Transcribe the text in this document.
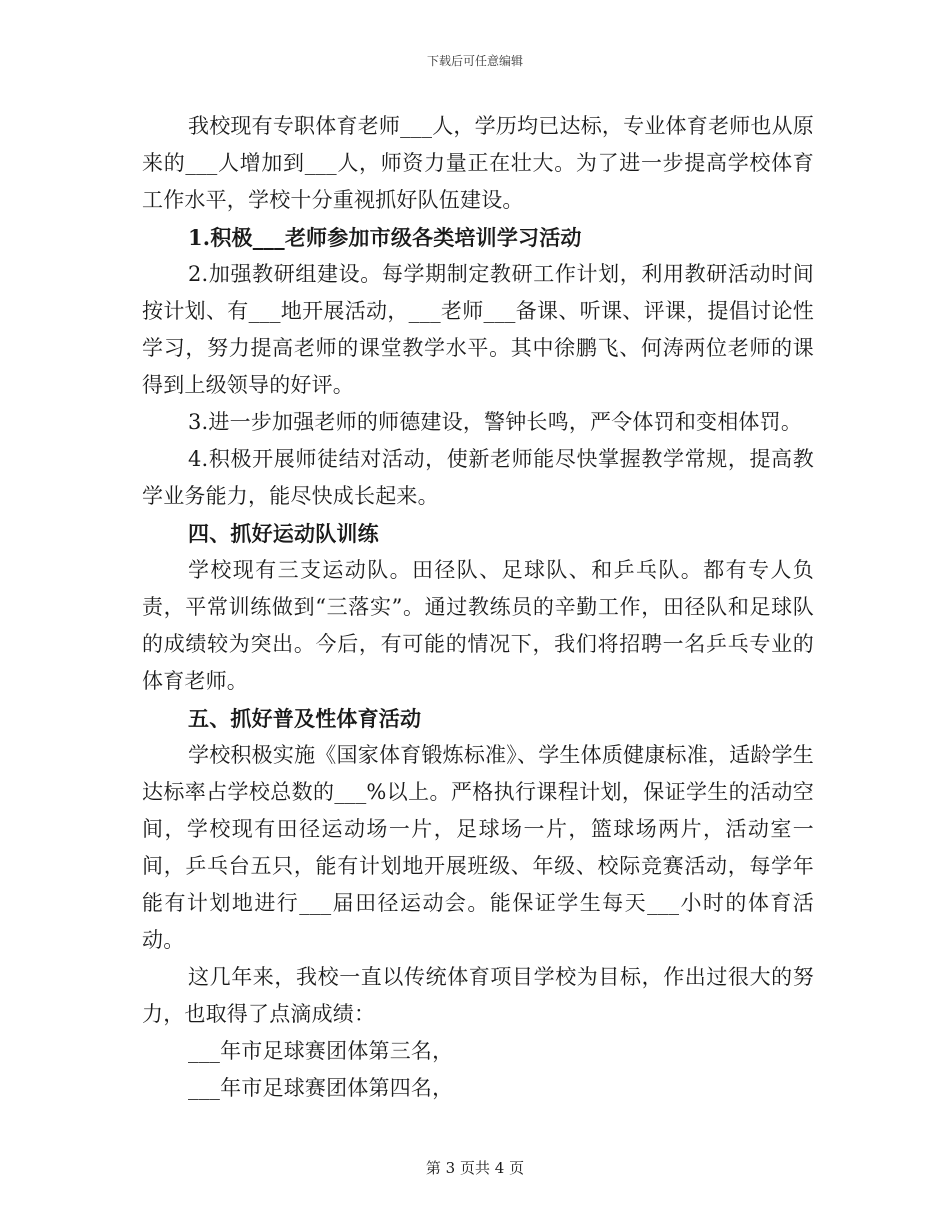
下载后可任意编辑

我校现有专职体育老师___人，学历均已达标，专业体育老师也从原来的___人增加到___人，师资力量正在壮大。为了进一步提高学校体育工作水平，学校十分重视抓好队伍建设。

1.积极___老师参加市级各类培训学习活动

2.加强教研组建设。每学期制定教研工作计划，利用教研活动时间按计划、有___地开展活动，___老师___备课、听课、评课，提倡讨论性学习，努力提高老师的课堂教学水平。其中徐鹏飞、何涛两位老师的课得到上级领导的好评。

3.进一步加强老师的师德建设，警钟长鸣，严令体罚和变相体罚。

4.积极开展师徒结对活动，使新老师能尽快掌握教学常规，提高教学业务能力，能尽快成长起来。

四、抓好运动队训练

学校现有三支运动队。田径队、足球队、和乒乓队。都有专人负责，平常训练做到“三落实”。通过教练员的辛勤工作，田径队和足球队的成绩较为突出。今后，有可能的情况下，我们将招聘一名乒乓专业的体育老师。

五、抓好普及性体育活动

学校积极实施《国家体育锻炼标准》、学生体质健康标准，适龄学生达标率占学校总数的___%以上。严格执行课程计划，保证学生的活动空间，学校现有田径运动场一片，足球场一片，篮球场两片，活动室一间，乒乓台五只，能有计划地开展班级、年级、校际竞赛活动，每学年能有计划地进行___届田径运动会。能保证学生每天___小时的体育活动。

这几年来，我校一直以传统体育项目学校为目标，作出过很大的努力，也取得了点滴成绩：

___年市足球赛团体第三名，

___年市足球赛团体第四名，

第 3 页共 4 页
